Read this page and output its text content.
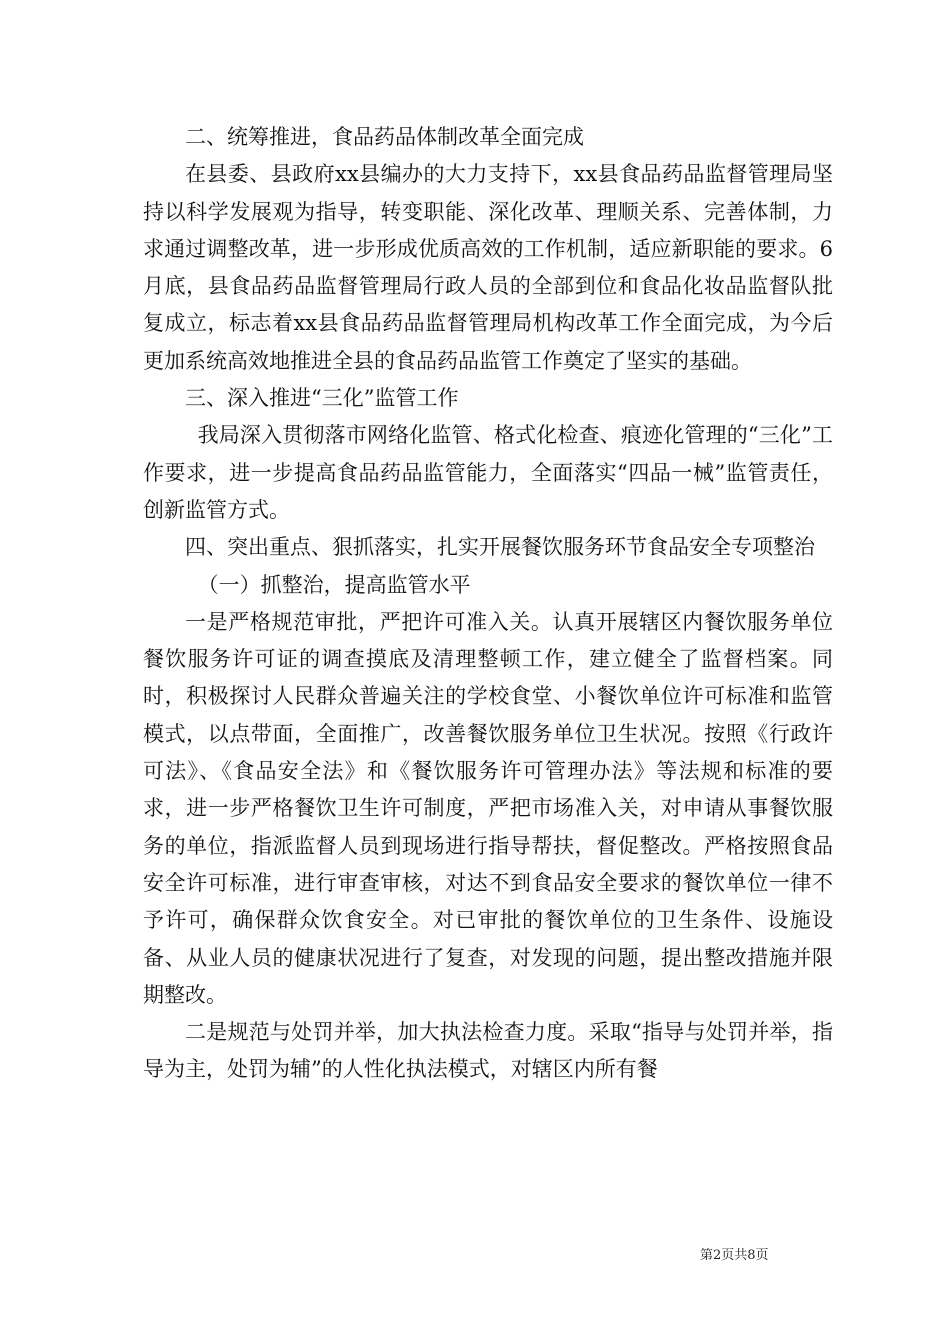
二、统筹推进，食品药品体制改革全面完成

在县委、县政府xx县编办的大力支持下，xx县食品药品监督管理局坚持以科学发展观为指导，转变职能、深化改革、理顺关系、完善体制，力求通过调整改革，进一步形成优质高效的工作机制，适应新职能的要求。6月底，县食品药品监督管理局行政人员的全部到位和食品化妆品监督队批复成立，标志着xx县食品药品监督管理局机构改革工作全面完成，为今后更加系统高效地推进全县的食品药品监管工作奠定了坚实的基础。

三、深入推进“三化”监管工作

我局深入贯彻落市网络化监管、格式化检查、痕迹化管理的“三化”工作要求，进一步提高食品药品监管能力，全面落实“四品一械”监管责任，创新监管方式。

四、突出重点、狠抓落实，扎实开展餐饮服务环节食品安全专项整治

（一）抓整治，提高监管水平

一是严格规范审批，严把许可准入关。认真开展辖区内餐饮服务单位餐饮服务许可证的调查摸底及清理整顿工作，建立健全了监督档案。同时，积极探讨人民群众普遍关注的学校食堂、小餐饮单位许可标准和监管模式，以点带面，全面推广，改善餐饮服务单位卫生状况。按照《行政许可法》、《食品安全法》和《餐饮服务许可管理办法》等法规和标准的要求，进一步严格餐饮卫生许可制度，严把市场准入关，对申请从事餐饮服务的单位，指派监督人员到现场进行指导帮扶，督促整改。严格按照食品安全许可标准，进行审查审核，对达不到食品安全要求的餐饮单位一律不予许可，确保群众饮食安全。对已审批的餐饮单位的卫生条件、设施设备、从业人员的健康状况进行了复查，对发现的问题，提出整改措施并限期整改。

二是规范与处罚并举，加大执法检查力度。采取“指导与处罚并举，指导为主，处罚为辅”的人性化执法模式，对辖区内所有餐

第2页共8页
